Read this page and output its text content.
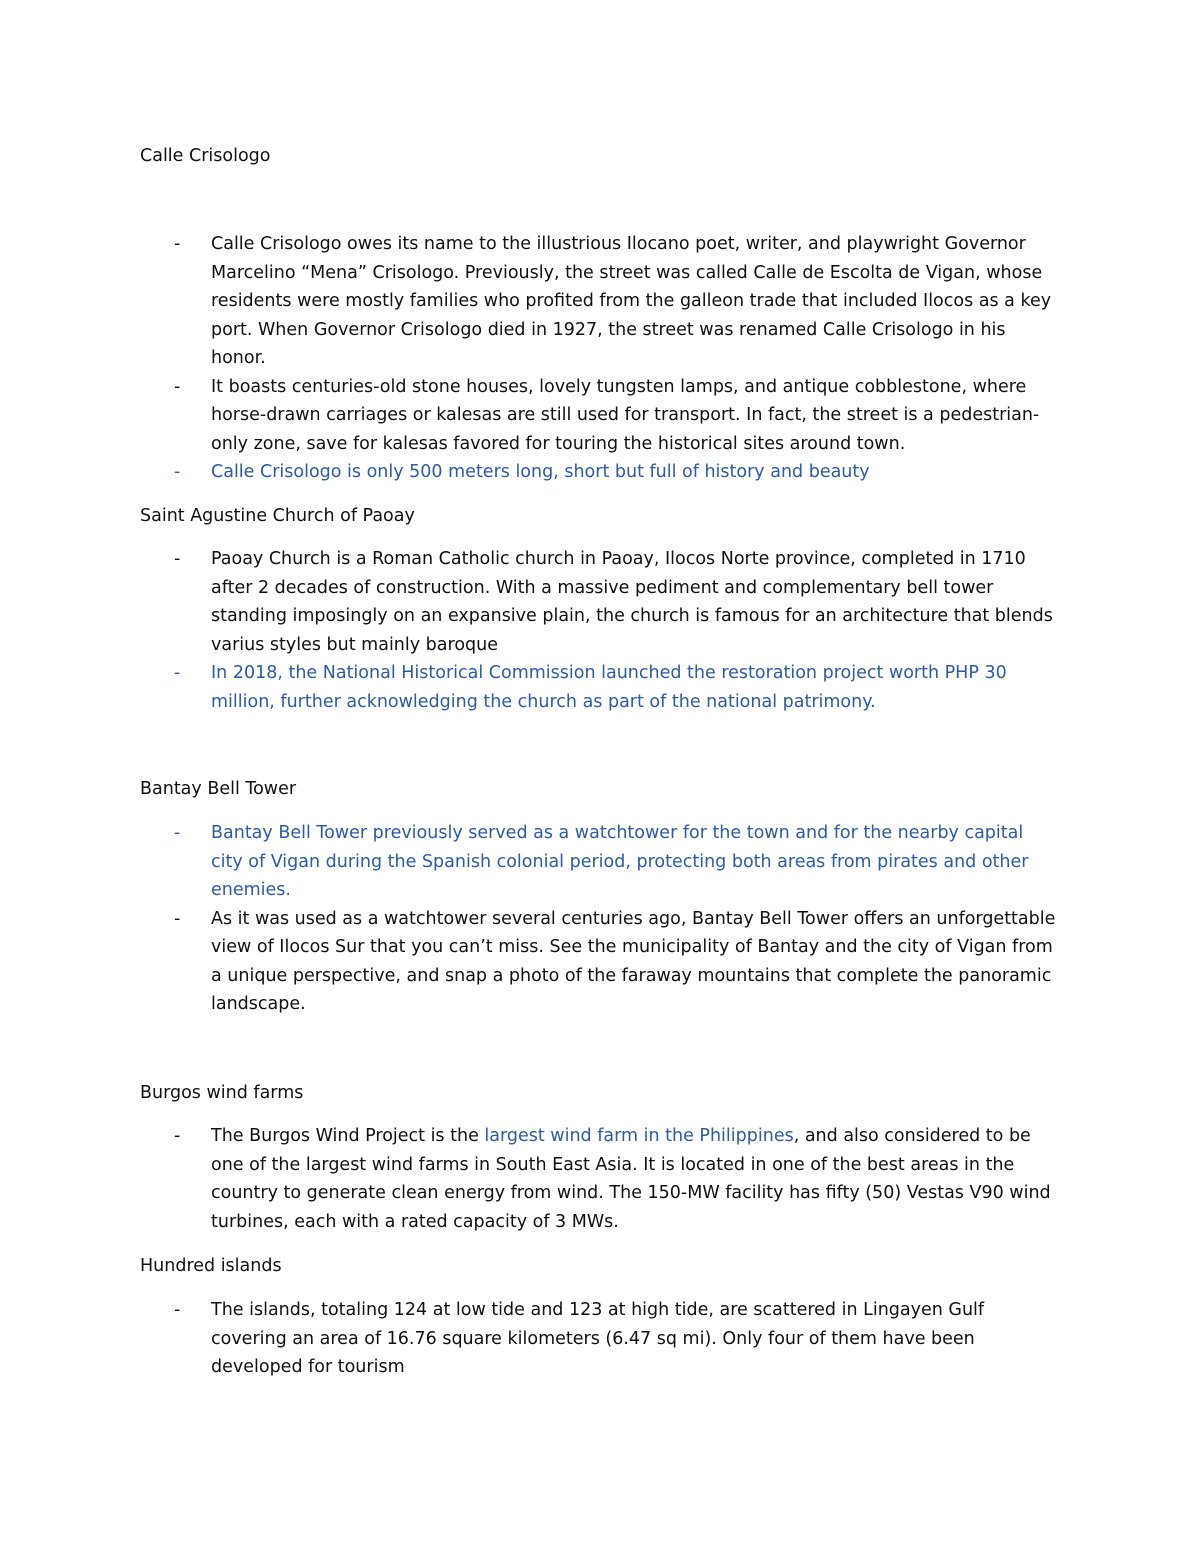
Calle Crisologo
- Calle Crisologo owes its name to the illustrious Ilocano poet, writer, and playwright Governor Marcelino “Mena” Crisologo. Previously, the street was called Calle de Escolta de Vigan, whose residents were mostly families who profited from the galleon trade that included Ilocos as a key port. When Governor Crisologo died in 1927, the street was renamed Calle Crisologo in his honor.
- It boasts centuries-old stone houses, lovely tungsten lamps, and antique cobblestone, where horse-drawn carriages or kalesas are still used for transport. In fact, the street is a pedestrian-only zone, save for kalesas favored for touring the historical sites around town.
- Calle Crisologo is only 500 meters long, short but full of history and beauty
Saint Agustine Church of Paoay
- Paoay Church is a Roman Catholic church in Paoay, Ilocos Norte province, completed in 1710 after 2 decades of construction. With a massive pediment and complementary bell tower standing imposingly on an expansive plain, the church is famous for an architecture that blends varius styles but mainly baroque
- In 2018, the National Historical Commission launched the restoration project worth PHP 30 million, further acknowledging the church as part of the national patrimony.
Bantay Bell Tower
- Bantay Bell Tower previously served as a watchtower for the town and for the nearby capital city of Vigan during the Spanish colonial period, protecting both areas from pirates and other enemies.
- As it was used as a watchtower several centuries ago, Bantay Bell Tower offers an unforgettable view of Ilocos Sur that you can’t miss. See the municipality of Bantay and the city of Vigan from a unique perspective, and snap a photo of the faraway mountains that complete the panoramic landscape.
Burgos wind farms
- The Burgos Wind Project is the largest wind farm in the Philippines, and also considered to be one of the largest wind farms in South East Asia. It is located in one of the best areas in the country to generate clean energy from wind. The 150-MW facility has fifty (50) Vestas V90 wind turbines, each with a rated capacity of 3 MWs.
Hundred islands
- The islands, totaling 124 at low tide and 123 at high tide, are scattered in Lingayen Gulf covering an area of 16.76 square kilometers (6.47 sq mi). Only four of them have been developed for tourism
